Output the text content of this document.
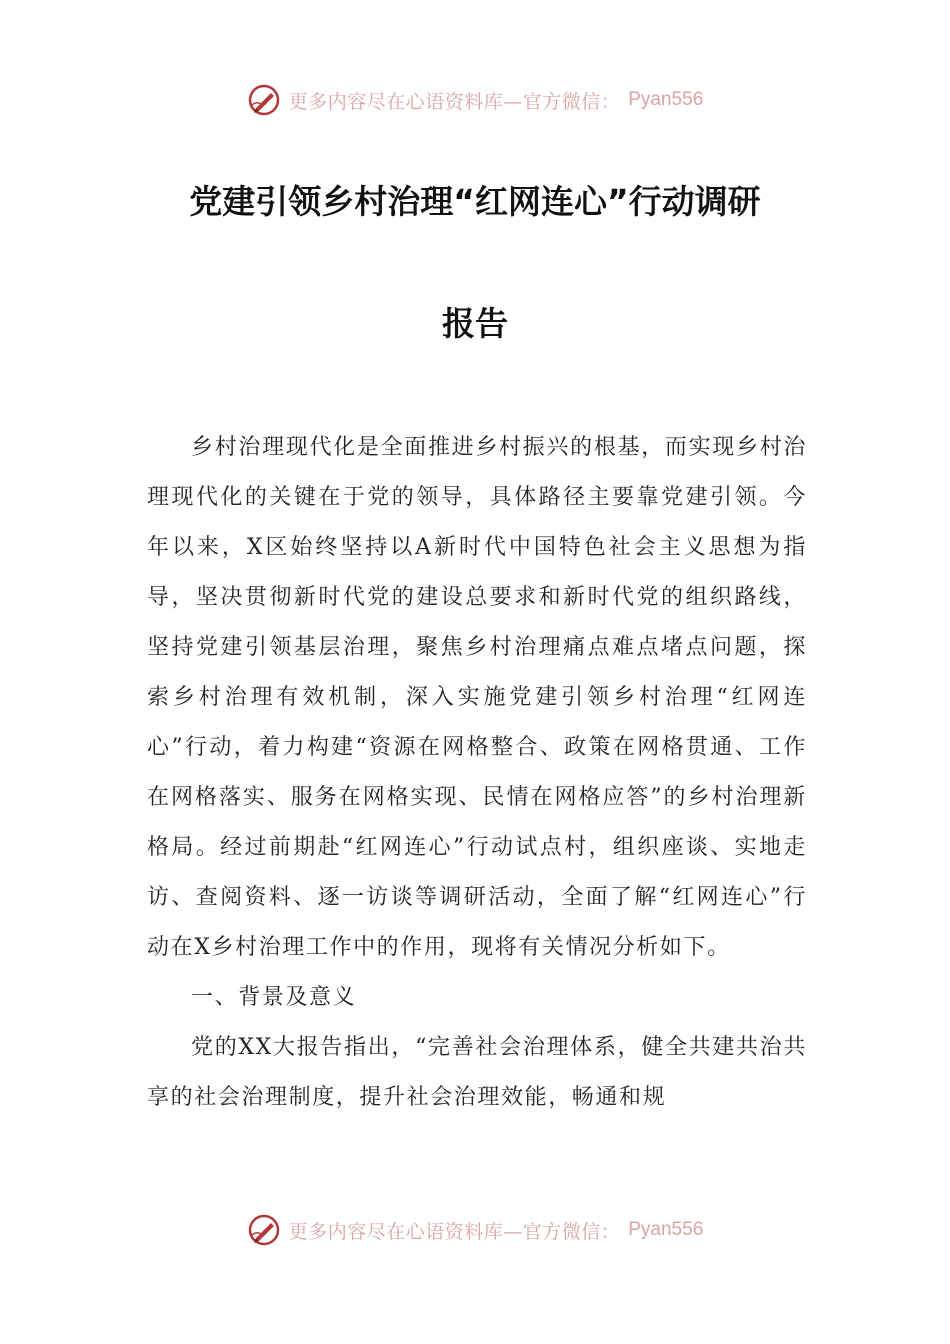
更多内容尽在心语资料库—官方微信： Pyan556
党建引领乡村治理“红网连心”行动调研
报告

乡村治理现代化是全面推进乡村振兴的根基，而实现乡村治理现代化的关键在于党的领导，具体路径主要靠党建引领。今年以来，X区始终坚持以A新时代中国特色社会主义思想为指导，坚决贯彻新时代党的建设总要求和新时代党的组织路线，坚持党建引领基层治理，聚焦乡村治理痛点难点堵点问题，探索乡村治理有效机制，深入实施党建引领乡村治理“红网连心”行动，着力构建“资源在网格整合、政策在网格贯通、工作在网格落实、服务在网格实现、民情在网格应答”的乡村治理新格局。经过前期赴“红网连心”行动试点村，组织座谈、实地走访、查阅资料、逐一访谈等调研活动，全面了解“红网连心”行动在X乡村治理工作中的作用，现将有关情况分析如下。

一、背景及意义

党的XX大报告指出，“完善社会治理体系，健全共建共治共享的社会治理制度，提升社会治理效能，畅通和规

更多内容尽在心语资料库—官方微信： Pyan556
